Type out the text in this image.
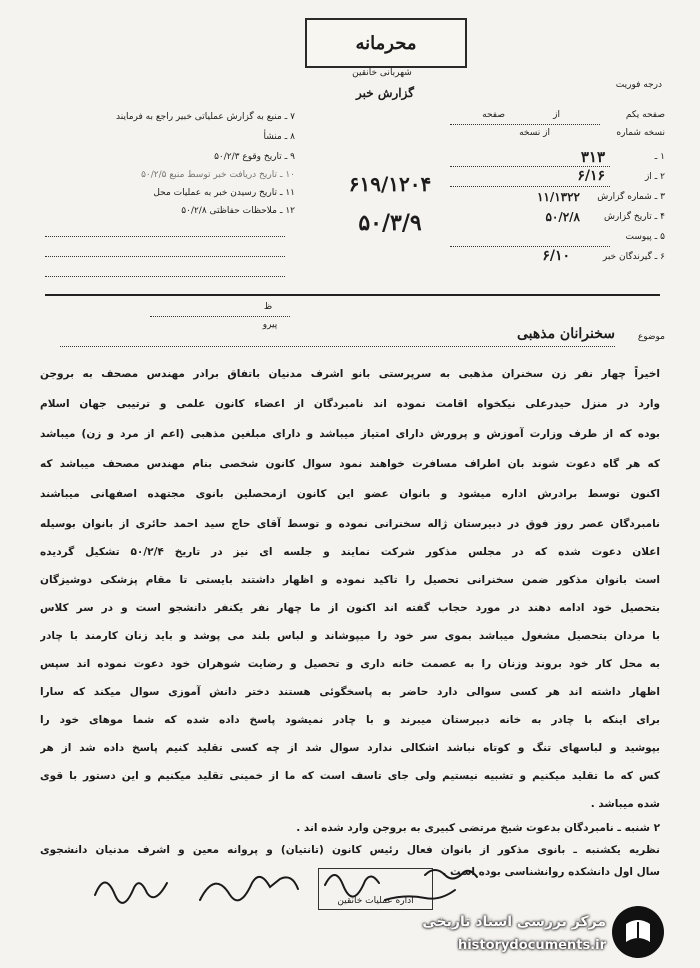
محرمانه
شهربانی خانقین
گزارش خبر
درجه فوریت
۷ ـ منبع به گزارش عملیاتی خبیر راجع به فرمایند
۸ ـ منشأ
۹ ـ تاریخ وقوع ۵۰/۲/۳
۱۰ ـ تاریخ دریافت خبر توسط منبع ۵۰/۲/۵
۱۱ ـ تاریخ رسیدن خبر به عملیات محل
۱۲ ـ ملاحظات حفاظتی ۵۰/۲/۸
۶۱۹/۱۲۰۴
۵۰/۳/۹
صفحه یکم
از
صفحه
نسخه شماره
از نسخه
۱ ـ
۳۱۳
۲ ـ از
۶/۱۶
۳ ـ شماره گزارش
۱۱/۱۳۲۲
۴ ـ تاریخ گزارش
۵۰/۲/۸
۵ ـ پیوست
۶ ـ گیرندگان خبر
۶/۱۰
ظ
پیرو
موضوع
سخنرانان مذهبی
اخیراً چهار نفر زن سخنران مذهبی به سرپرستی بانو اشرف مدنیان باتفاق برادر مهندس مصحف به بروجن
وارد در منزل حیدرعلی نیکخواه اقامت نموده اند نامبردگان از اعضاء کانون علمی و ترتیبی جهان اسلام
بوده که از طرف وزارت آموزش و پرورش دارای امتیاز میباشد و دارای مبلغین مذهبی (اعم از مرد و زن) میباشد
که هر گاه دعوت شوند بان اطراف مسافرت خواهند نمود سوال کانون شخصی بنام مهندس مصحف میباشد که
اکنون توسط برادرش اداره میشود و بانوان عضو این کانون ازمحصلین بانوی مجتهده اصفهانی میباشند
نامبردگان عصر روز فوق در دبیرستان ژاله سخنرانی نموده و توسط آقای حاج سید احمد حائری از بانوان بوسیله
اعلان دعوت شده که در مجلس مذکور شرکت نمایند و جلسه ای نیز در تاریخ ۵۰/۲/۴ تشکیل گردیده
است بانوان مذکور ضمن سخنرانی تحصیل را تاکید نموده و اظهار داشتند بایستی تا مقام پزشکی دوشیزگان
بتحصیل خود ادامه دهند در مورد حجاب گفته اند اکنون از ما چهار نفر یکنفر دانشجو است و در سر کلاس
با مردان بتحصیل مشغول میباشد بموی سر خود را میپوشاند و لباس بلند می پوشد و باید زنان کارمند با چادر
به محل کار خود بروند وزنان را به عصمت خانه داری و تحصیل و رضایت شوهران خود دعوت نموده اند سپس
اظهار داشته اند هر کسی سوالی دارد حاضر به پاسخگوئی هستند دختر دانش آموزی سوال میکند که سارا
برای اینکه با چادر به خانه دبیرستان میبرند و با چادر نمیشود پاسخ داده شده که شما موهای خود را
بپوشید و لباسهای تنگ و کوتاه نباشد اشکالی ندارد سوال شد از چه کسی تقلید کنیم پاسخ داده شد از هر
کس که ما تقلید میکنیم و تشبیه نیستیم ولی جای تاسف است که ما از خمینی تقلید میکنیم و این دستور با قوی
شده میباشد .
۲ شنبه ـ نامبردگان بدعوت شیخ مرتضی کبیری به بروجن وارد شده اند .
نظریه یکشنبه ـ بانوی مذکور از بانوان فعال رئیس کانون (تانتیان) و پروانه معین و اشرف مدنیان دانشجوی
سال اول دانشکده روانشناسی بوده است .
اداره عملیات خانقین
مرکز بررسی اسناد تاریخی
historydocuments.ir
